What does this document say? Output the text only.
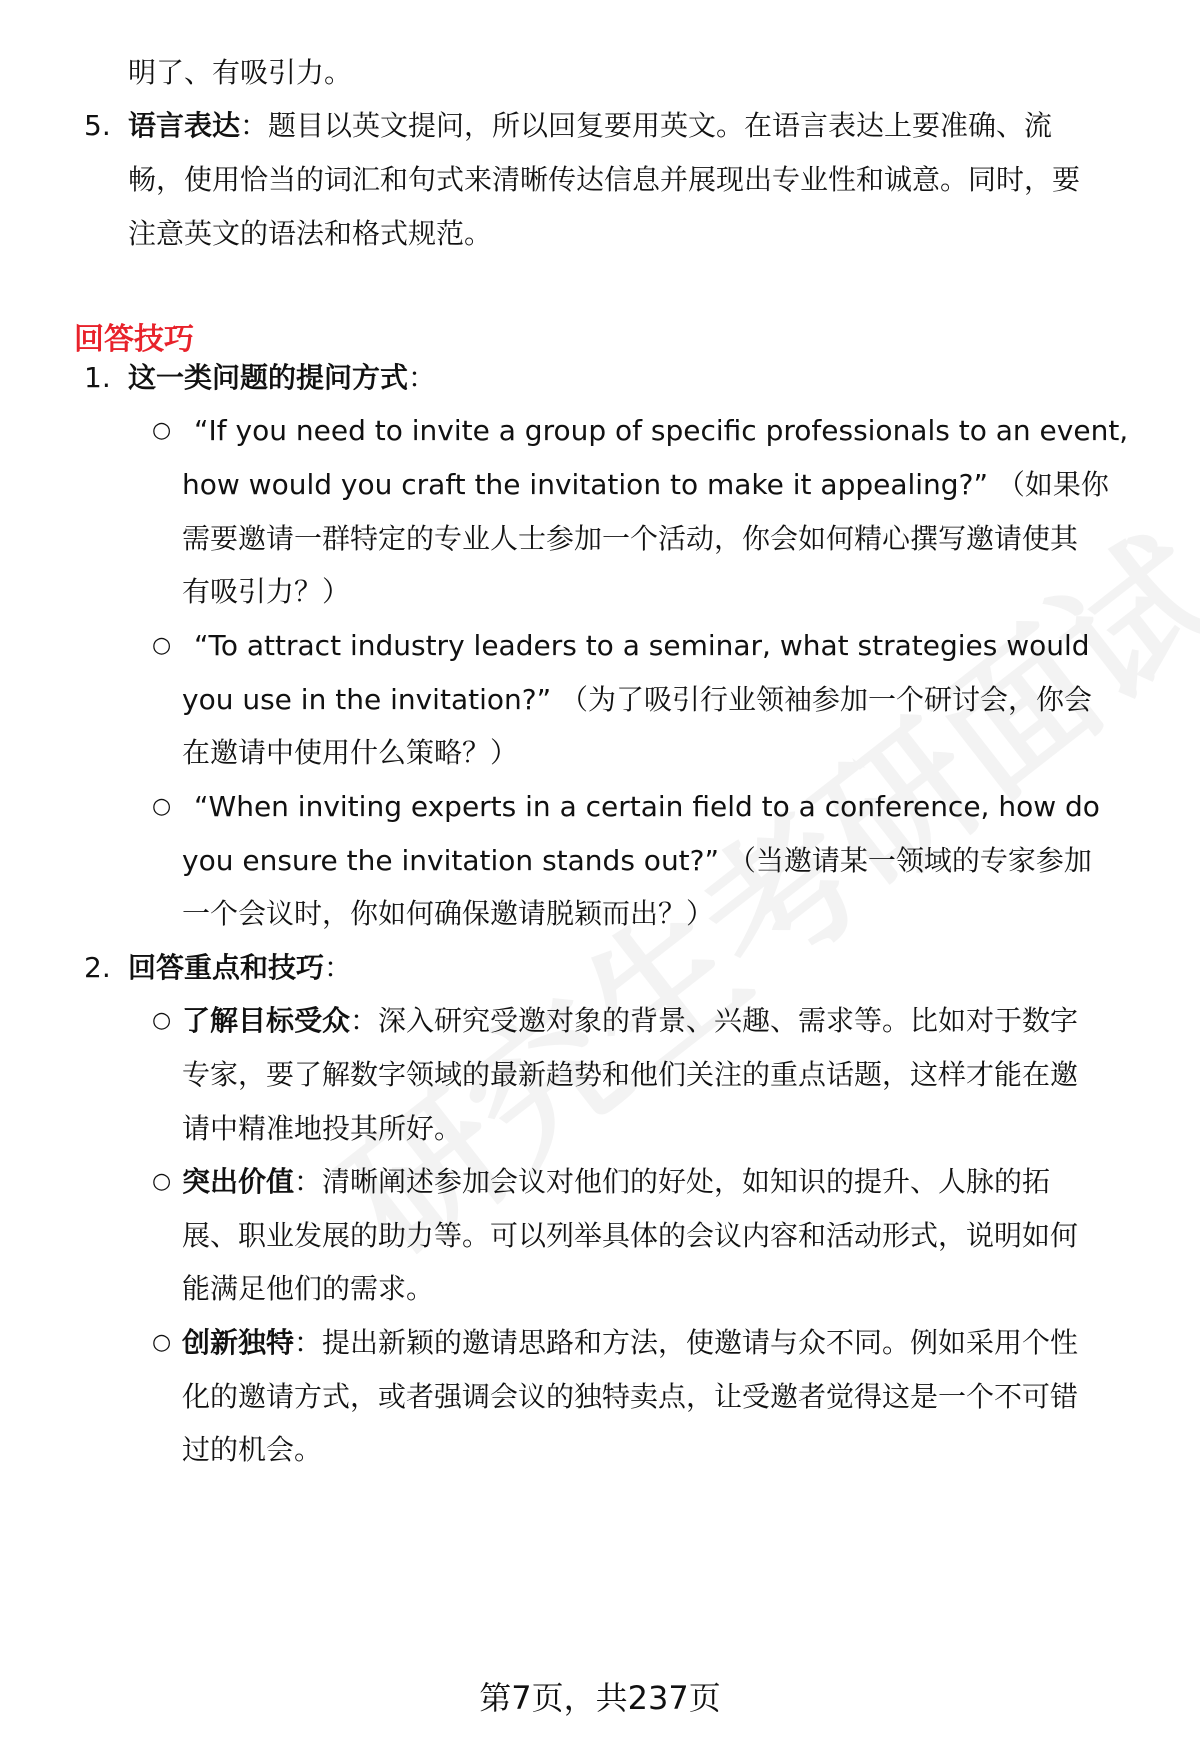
明了、有吸引力。
5. 语言表达：题目以英文提问，所以回复要用英文。在语言表达上要准确、流
畅，使用恰当的词汇和句式来清晰传达信息并展现出专业性和诚意。同时，要
注意英文的语法和格式规范。
回答技巧
1. 这一类问题的提问方式：
○ “If you need to invite a group of specific professionals to an event,
how would you craft the invitation to make it appealing?” （如果你
需要邀请一群特定的专业人士参加一个活动，你会如何精心撰写邀请使其
有吸引力？）
○ “To attract industry leaders to a seminar, what strategies would
you use in the invitation?” （为了吸引行业领袖参加一个研讨会，你会
在邀请中使用什么策略？）
○ “When inviting experts in a certain field to a conference, how do
you ensure the invitation stands out?” （当邀请某一领域的专家参加
一个会议时，你如何确保邀请脱颖而出？）
2. 回答重点和技巧：
○ 了解目标受众：深入研究受邀对象的背景、兴趣、需求等。比如对于数字
专家，要了解数字领域的最新趋势和他们关注的重点话题，这样才能在邀
请中精准地投其所好。
○ 突出价值：清晰阐述参加会议对他们的好处，如知识的提升、人脉的拓
展、职业发展的助力等。可以列举具体的会议内容和活动形式，说明如何
能满足他们的需求。
○ 创新独特：提出新颖的邀请思路和方法，使邀请与众不同。例如采用个性
化的邀请方式，或者强调会议的独特卖点，让受邀者觉得这是一个不可错
过的机会。
第7页，共237页
